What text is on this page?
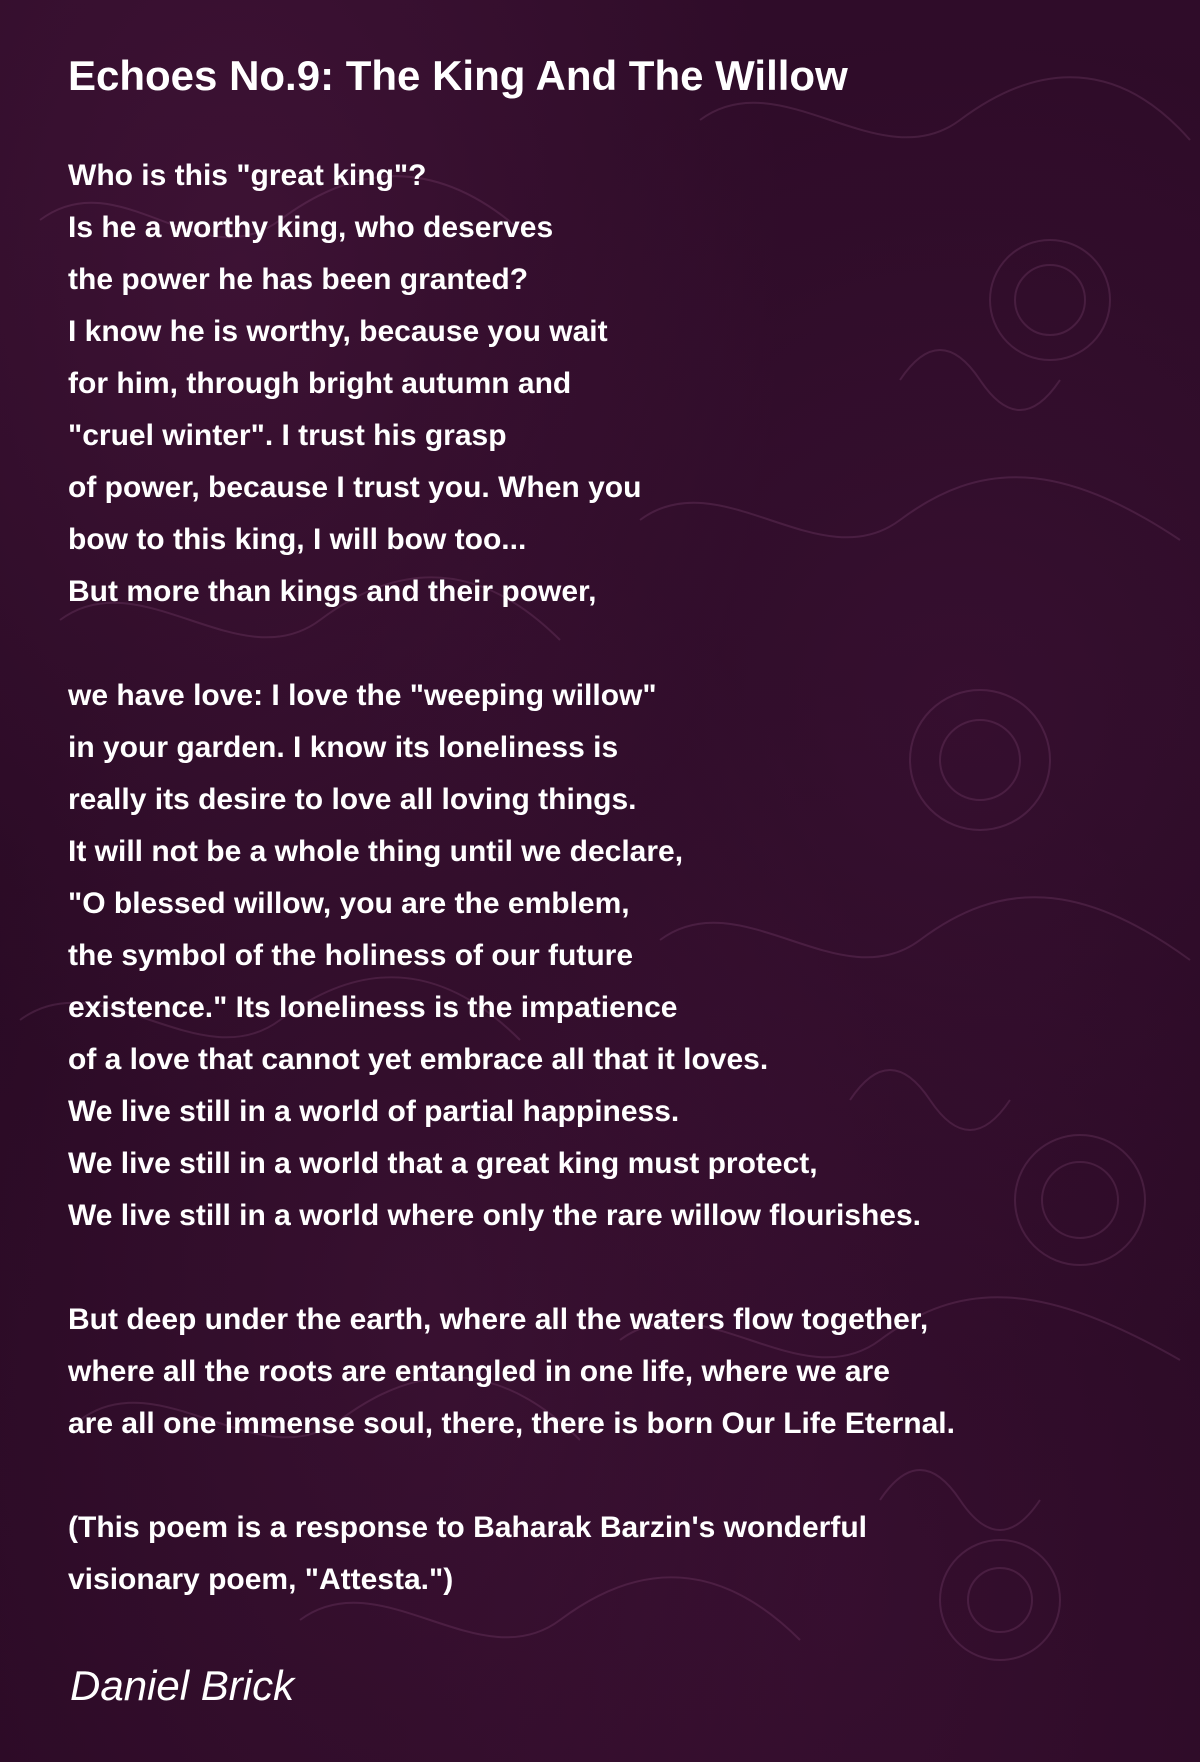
Echoes No.9: The King And The Willow
Who is this "great king"?
Is he a worthy king, who deserves
the power he has been granted?
I know he is worthy, because you wait
for him, through bright autumn and
"cruel winter". I trust his grasp
of power, because I trust you. When you
bow to this king, I will bow too...
But more than kings and their power,
we have love: I love the "weeping willow"
in your garden. I know its loneliness is
really its desire to love all loving things.
It will not be a whole thing until we declare,
"O blessed willow, you are the emblem,
the symbol of the holiness of our future
existence." Its loneliness is the impatience
of a love that cannot yet embrace all that it loves.
We live still in a world of partial happiness.
We live still in a world that a great king must protect,
We live still in a world where only the rare willow flourishes.
But deep under the earth, where all the waters flow together,
where all the roots are entangled in one life, where we are
are all one immense soul, there, there is born Our Life Eternal.
(This poem is a response to Baharak Barzin's wonderful
visionary poem, "Attesta.")

Daniel Brick
